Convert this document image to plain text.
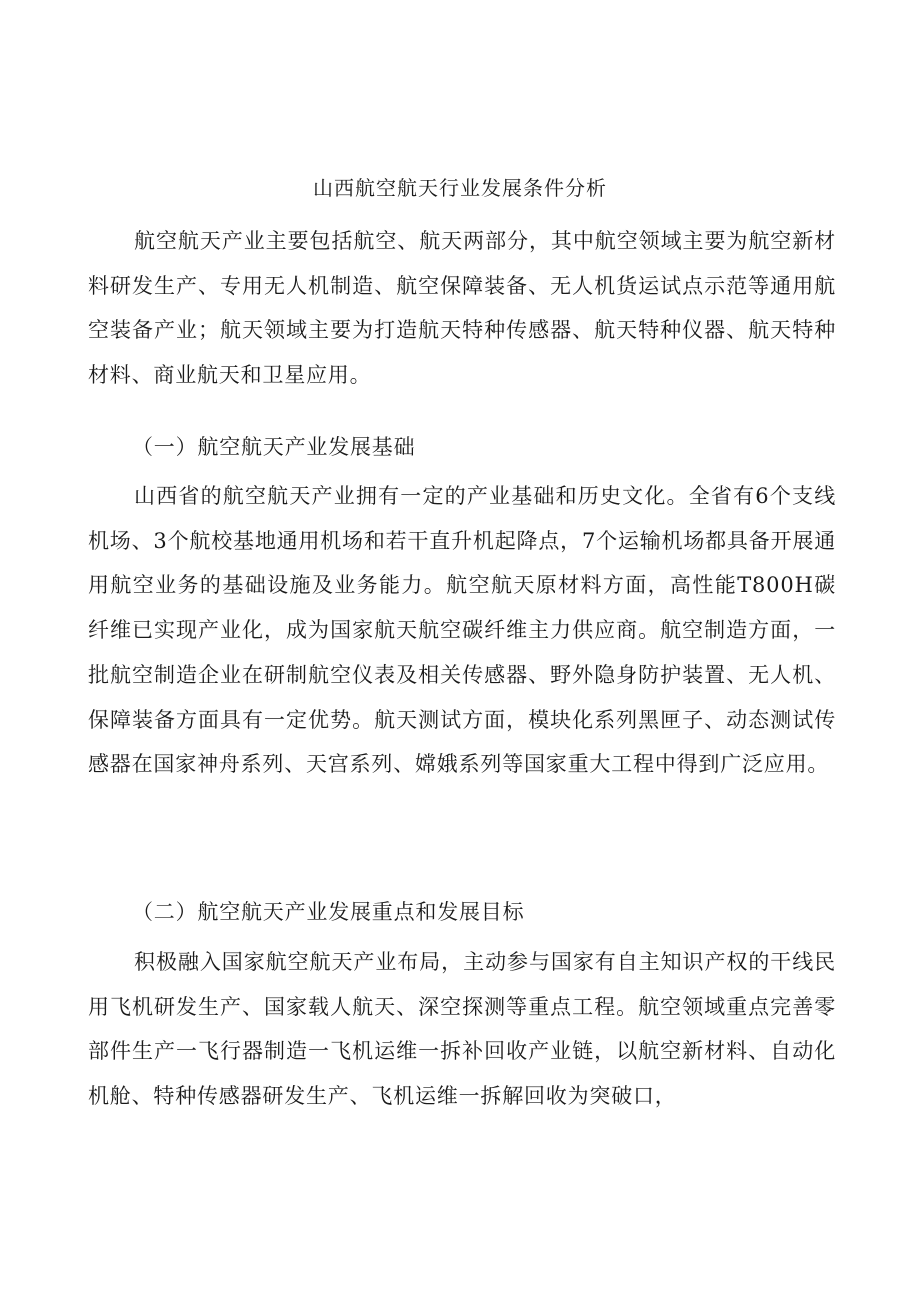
山西航空航天行业发展条件分析

航空航天产业主要包括航空、航天两部分，其中航空领域主要为航空新材料研发生产、专用无人机制造、航空保障装备、无人机货运试点示范等通用航空装备产业；航天领域主要为打造航天特种传感器、航天特种仪器、航天特种材料、商业航天和卫星应用。

（一）航空航天产业发展基础

山西省的航空航天产业拥有一定的产业基础和历史文化。全省有6个支线机场、3个航校基地通用机场和若干直升机起降点，7个运输机场都具备开展通用航空业务的基础设施及业务能力。航空航天原材料方面，高性能T800H碳纤维已实现产业化，成为国家航天航空碳纤维主力供应商。航空制造方面，一批航空制造企业在研制航空仪表及相关传感器、野外隐身防护装置、无人机、保障装备方面具有一定优势。航天测试方面，模块化系列黑匣子、动态测试传感器在国家神舟系列、天宫系列、嫦娥系列等国家重大工程中得到广泛应用。

（二）航空航天产业发展重点和发展目标

积极融入国家航空航天产业布局，主动参与国家有自主知识产权的干线民用飞机研发生产、国家载人航天、深空探测等重点工程。航空领域重点完善零部件生产一飞行器制造一飞机运维一拆补回收产业链，以航空新材料、自动化机舱、特种传感器研发生产、飞机运维一拆解回收为突破口，
